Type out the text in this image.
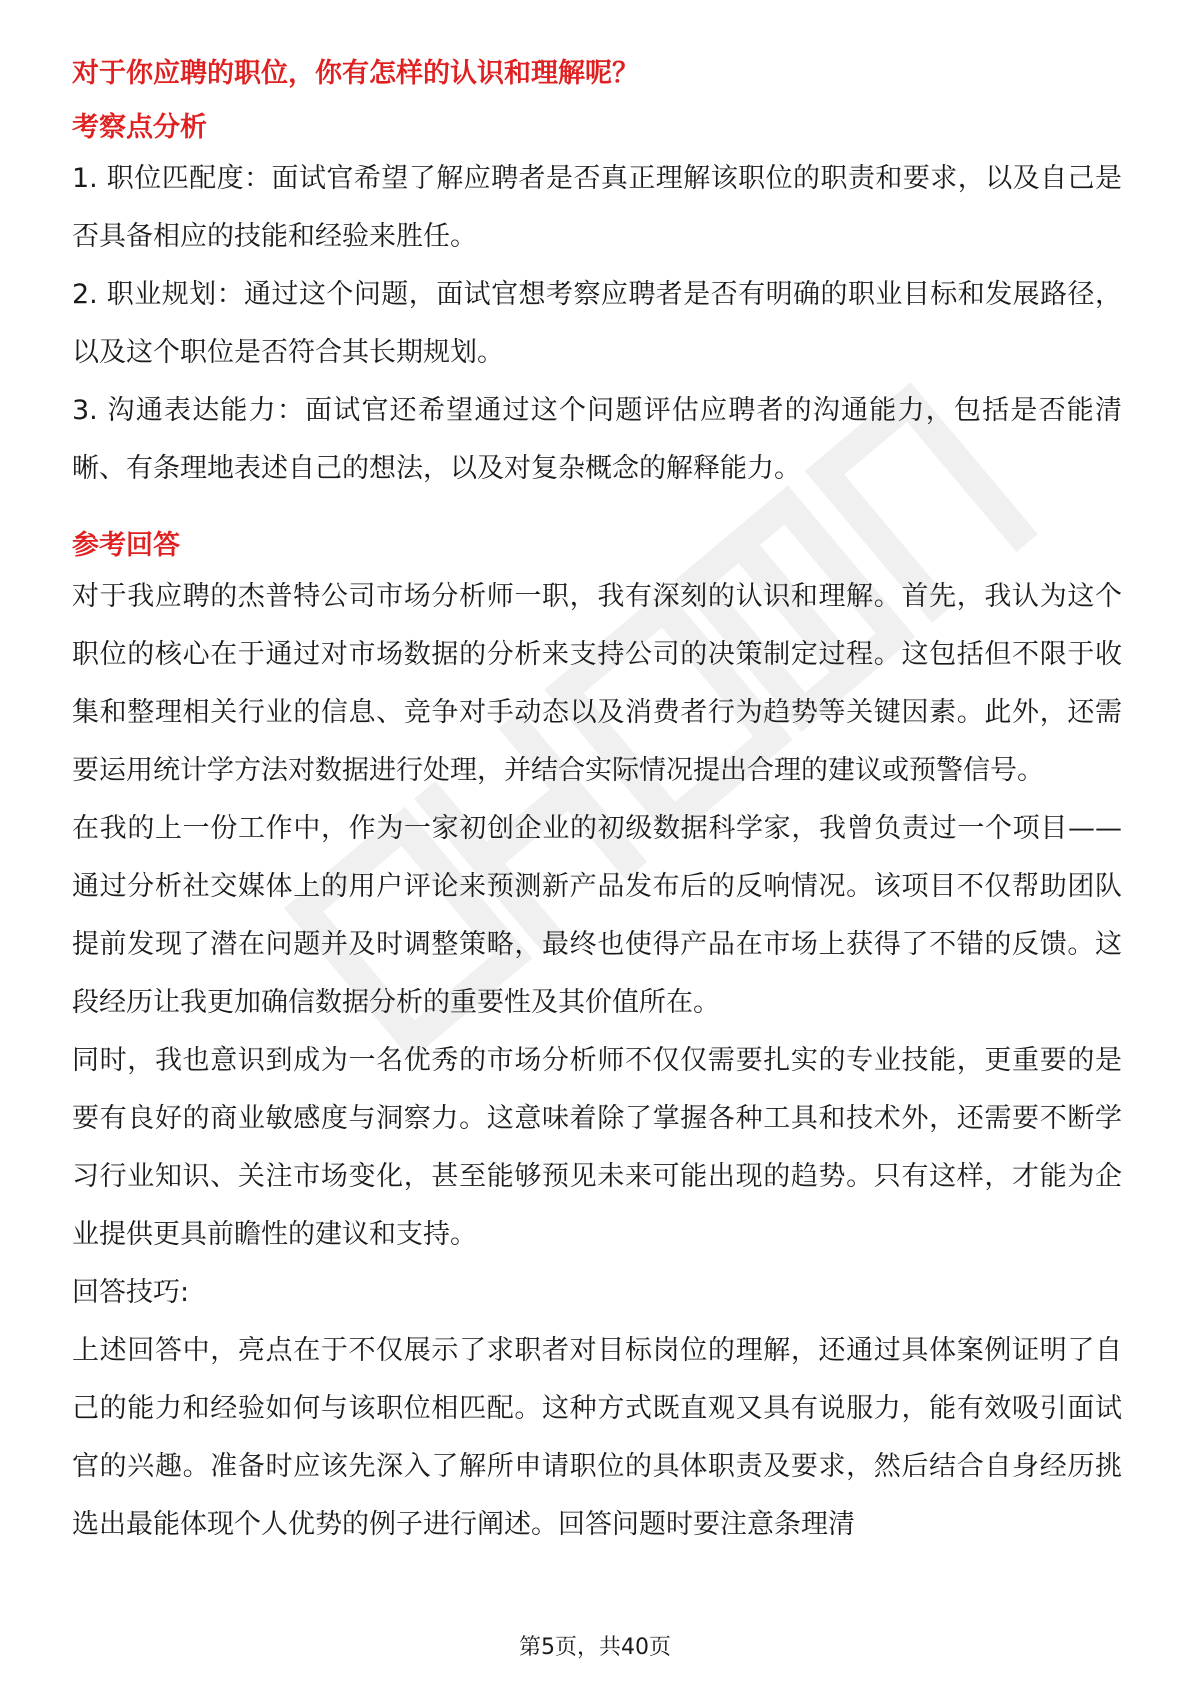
对于你应聘的职位，你有怎样的认识和理解呢？

考察点分析

1. 职位匹配度：面试官希望了解应聘者是否真正理解该职位的职责和要求，以及自己是否具备相应的技能和经验来胜任。

2. 职业规划：通过这个问题，面试官想考察应聘者是否有明确的职业目标和发展路径，以及这个职位是否符合其长期规划。

3. 沟通表达能力：面试官还希望通过这个问题评估应聘者的沟通能力，包括是否能清晰、有条理地表述自己的想法，以及对复杂概念的解释能力。

参考回答

对于我应聘的杰普特公司市场分析师一职，我有深刻的认识和理解。首先，我认为这个职位的核心在于通过对市场数据的分析来支持公司的决策制定过程。这包括但不限于收集和整理相关行业的信息、竞争对手动态以及消费者行为趋势等关键因素。此外，还需要运用统计学方法对数据进行处理，并结合实际情况提出合理的建议或预警信号。

在我的上一份工作中，作为一家初创企业的初级数据科学家，我曾负责过一个项目——通过分析社交媒体上的用户评论来预测新产品发布后的反响情况。该项目不仅帮助团队提前发现了潜在问题并及时调整策略，最终也使得产品在市场上获得了不错的反馈。这段经历让我更加确信数据分析的重要性及其价值所在。

同时，我也意识到成为一名优秀的市场分析师不仅仅需要扎实的专业技能，更重要的是要有良好的商业敏感度与洞察力。这意味着除了掌握各种工具和技术外，还需要不断学习行业知识、关注市场变化，甚至能够预见未来可能出现的趋势。只有这样，才能为企业提供更具前瞻性的建议和支持。

回答技巧:

上述回答中，亮点在于不仅展示了求职者对目标岗位的理解，还通过具体案例证明了自己的能力和经验如何与该职位相匹配。这种方式既直观又具有说服力，能有效吸引面试官的兴趣。准备时应该先深入了解所申请职位的具体职责及要求，然后结合自身经历挑选出最能体现个人优势的例子进行阐述。回答问题时要注意条理清

第5页，共40页
